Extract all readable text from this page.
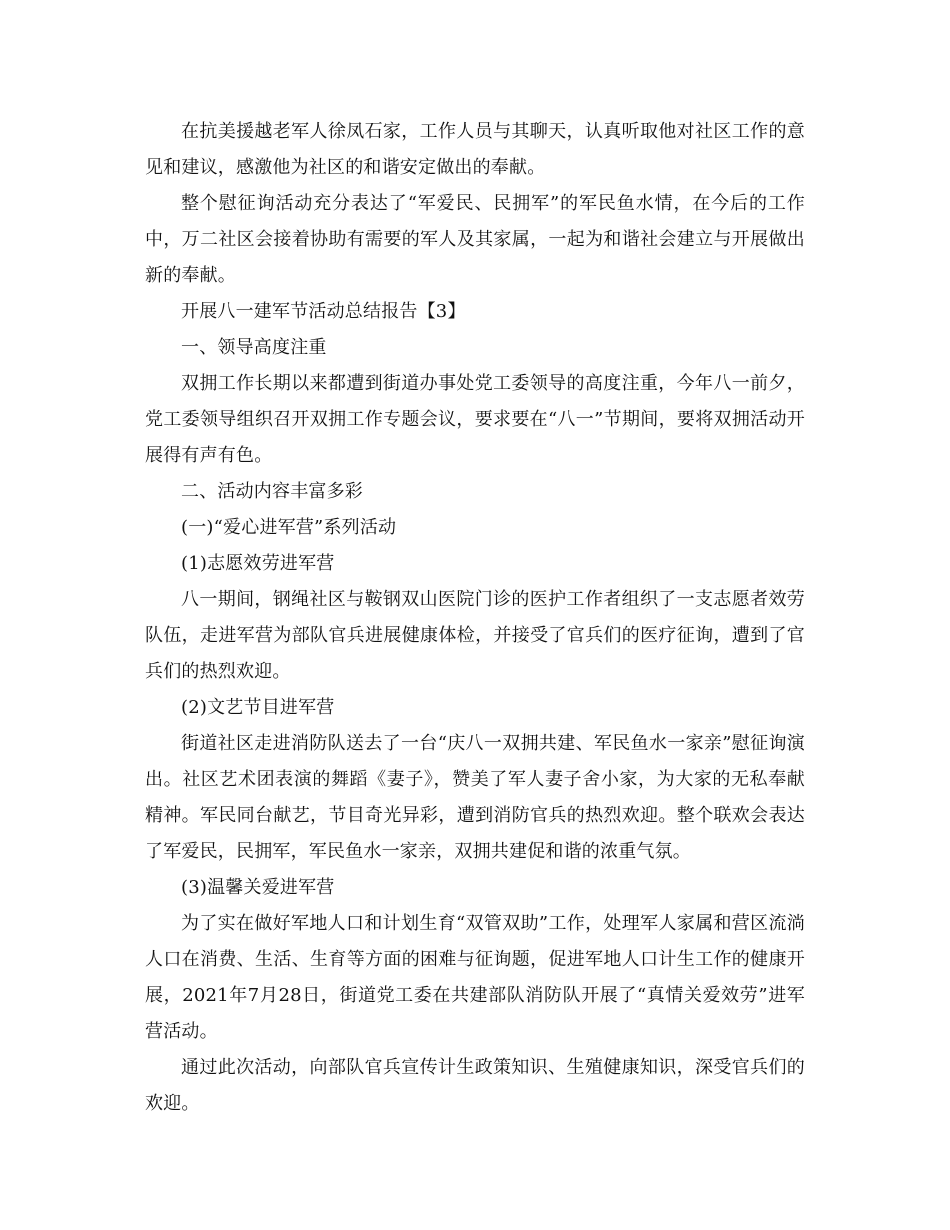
在抗美援越老军人徐凤石家，工作人员与其聊天，认真听取他对社区工作的意见和建议，感激他为社区的和谐安定做出的奉献。

整个慰征询活动充分表达了“军爱民、民拥军”的军民鱼水情，在今后的工作中，万二社区会接着协助有需要的军人及其家属，一起为和谐社会建立与开展做出新的奉献。

开展八一建军节活动总结报告【3】

一、领导高度注重

双拥工作长期以来都遭到街道办事处党工委领导的高度注重，今年八一前夕，党工委领导组织召开双拥工作专题会议，要求要在“八一”节期间，要将双拥活动开展得有声有色。

二、活动内容丰富多彩

(一)“爱心进军营”系列活动

(1)志愿效劳进军营

八一期间，钢绳社区与鞍钢双山医院门诊的医护工作者组织了一支志愿者效劳队伍，走进军营为部队官兵进展健康体检，并接受了官兵们的医疗征询，遭到了官兵们的热烈欢迎。

(2)文艺节目进军营

街道社区走进消防队送去了一台“庆八一双拥共建、军民鱼水一家亲”慰征询演出。社区艺术团表演的舞蹈《妻子》，赞美了军人妻子舍小家，为大家的无私奉献精神。军民同台献艺，节目奇光异彩，遭到消防官兵的热烈欢迎。整个联欢会表达了军爱民，民拥军，军民鱼水一家亲，双拥共建促和谐的浓重气氛。

(3)温馨关爱进军营

为了实在做好军地人口和计划生育“双管双助”工作，处理军人家属和营区流淌人口在消费、生活、生育等方面的困难与征询题，促进军地人口计生工作的健康开展，2021年7月28日，街道党工委在共建部队消防队开展了“真情关爱效劳”进军营活动。

通过此次活动，向部队官兵宣传计生政策知识、生殖健康知识，深受官兵们的欢迎。
